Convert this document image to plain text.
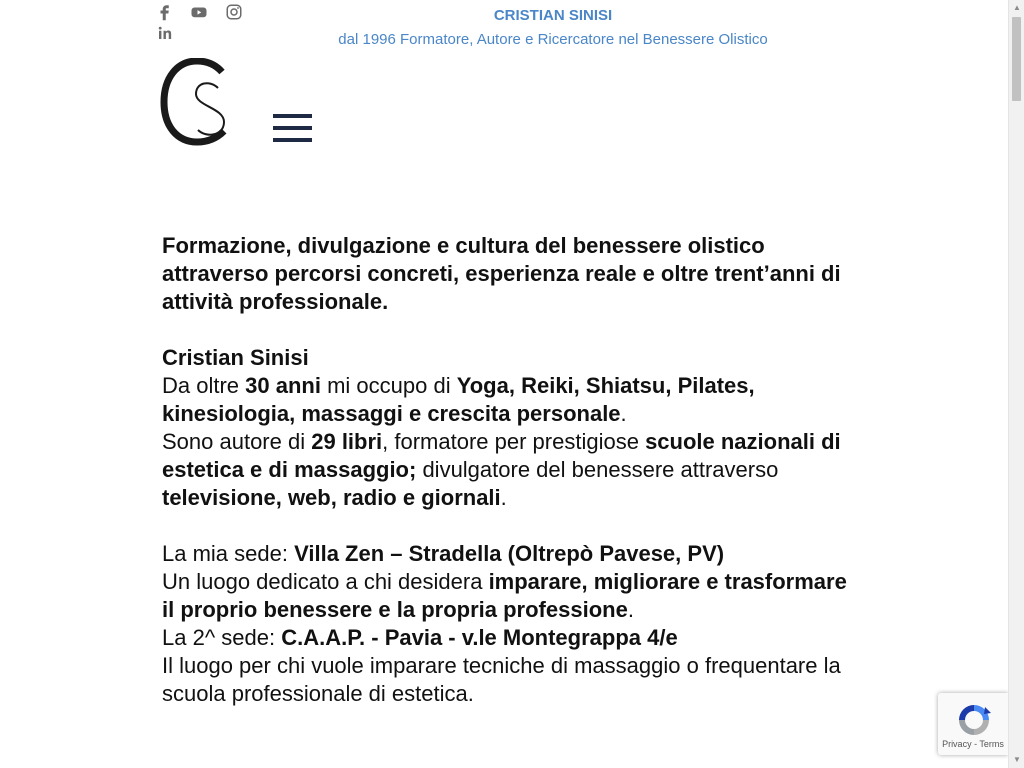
CRISTIAN SINISI
dal 1996 Formatore, Autore e Ricercatore nel Benessere Olistico

Formazione, divulgazione e cultura del benessere olistico attraverso percorsi concreti, esperienza reale e oltre trent’anni di attività professionale.

Cristian Sinisi

Da oltre 30 anni mi occupo di Yoga, Reiki, Shiatsu, Pilates, kinesiologia, massaggi e crescita personale.

Sono autore di 29 libri, formatore per prestigiose scuole nazionali di estetica e di massaggio; divulgatore del benessere attraverso televisione, web, radio e giornali.

La mia sede: Villa Zen – Stradella (Oltrepò Pavese, PV)

Un luogo dedicato a chi desidera imparare, migliorare e trasformare il proprio benessere e la propria professione.

La 2^ sede: C.A.A.P. - Pavia - v.le Montegrappa 4/e

Il luogo per chi vuole imparare tecniche di massaggio o frequentare la scuola professionale di estetica.

Privacy - Terms
▲
▼
